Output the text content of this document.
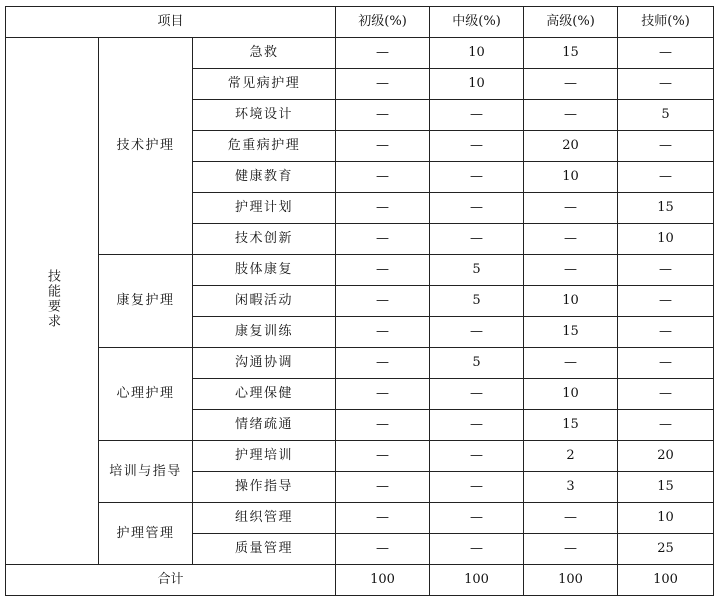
项目			初级(%)	中级(%)	高级(%)	技师(%)
技能要求	技术护理	急救	—	10	15	—
		常见病护理	—	10	—	—
		环境设计	—	—	—	5
		危重病护理	—	—	20	—
		健康教育	—	—	10	—
		护理计划	—	—	—	15
		技术创新	—	—	—	10
	康复护理	肢体康复	—	5	—	—
		闲暇活动	—	5	10	—
		康复训练	—	—	15	—
	心理护理	沟通协调	—	5	—	—
		心理保健	—	—	10	—
		情绪疏通	—	—	15	—
	培训与指导	护理培训	—	—	2	20
		操作指导	—	—	3	15
	护理管理	组织管理	—	—	—	10
		质量管理	—	—	—	25
合计			100	100	100	100
